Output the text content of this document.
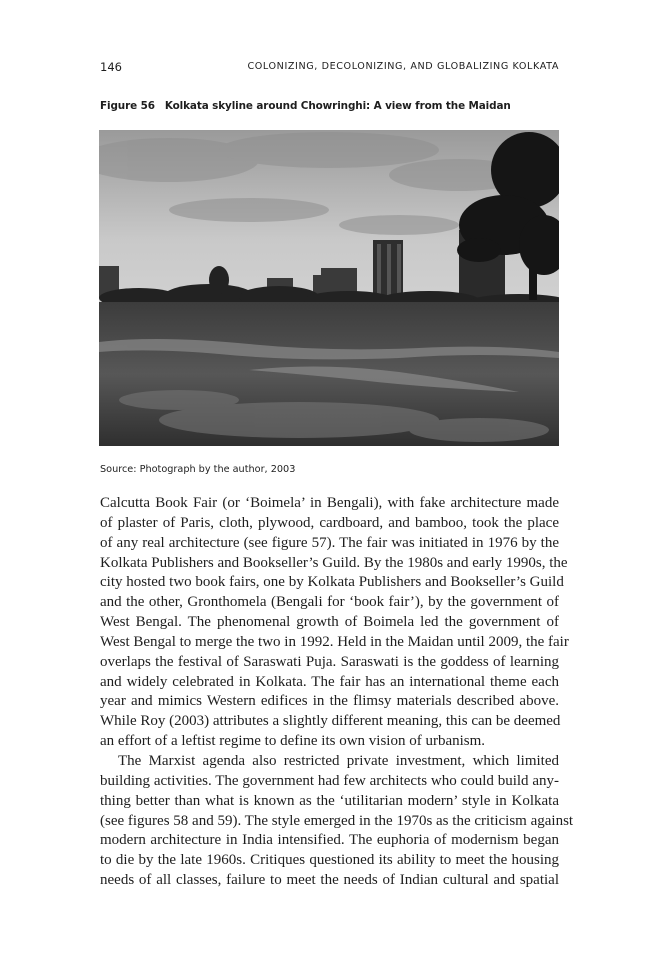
146	COLONIZING, DECOLONIZING, AND GLOBALIZING KOLKATA
Figure 56 Kolkata skyline around Chowringhi: A view from the Maidan
Source: Photograph by the author, 2003
Calcutta Book Fair (or ‘Boimela’ in Bengali), with fake architecture made
of plaster of Paris, cloth, plywood, cardboard, and bamboo, took the place
of any real architecture (see figure 57). The fair was initiated in 1976 by the
Kolkata Publishers and Bookseller’s Guild. By the 1980s and early 1990s, the
city hosted two book fairs, one by Kolkata Publishers and Bookseller’s Guild
and the other, Gronthomela (Bengali for ‘book fair’), by the government of
West Bengal. The phenomenal growth of Boimela led the government of
West Bengal to merge the two in 1992. Held in the Maidan until 2009, the fair
overlaps the festival of Saraswati Puja. Saraswati is the goddess of learning
and widely celebrated in Kolkata. The fair has an international theme each
year and mimics Western edifices in the flimsy materials described above.
While Roy (2003) attributes a slightly different meaning, this can be deemed
an effort of a leftist regime to define its own vision of urbanism.
The Marxist agenda also restricted private investment, which limited
building activities. The government had few architects who could build any-
thing better than what is known as the ‘utilitarian modern’ style in Kolkata
(see figures 58 and 59). The style emerged in the 1970s as the criticism against
modern architecture in India intensified. The euphoria of modernism began
to die by the late 1960s. Critiques questioned its ability to meet the housing
needs of all classes, failure to meet the needs of Indian cultural and spatial
